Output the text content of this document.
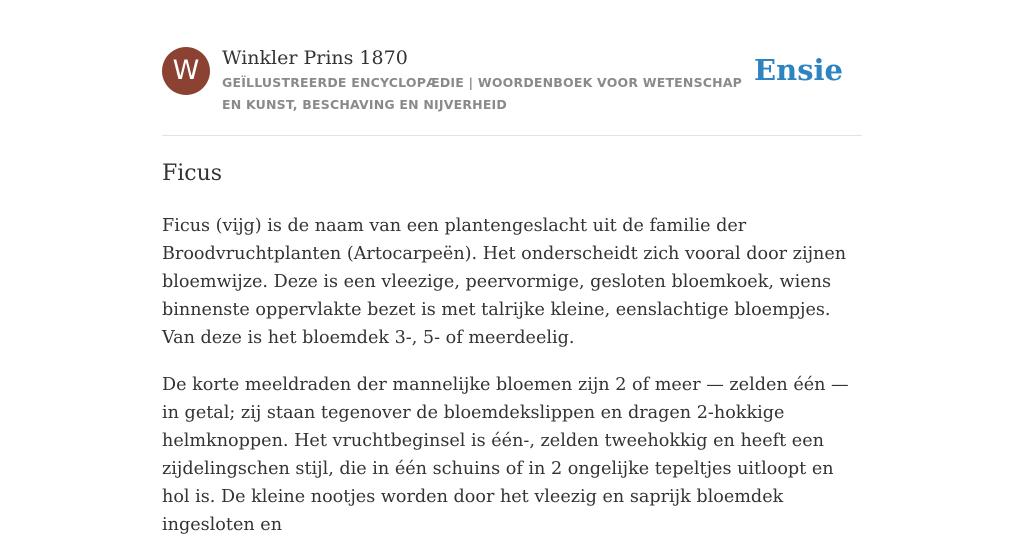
W	Winkler Prins 1870
GEÏLLUSTREERDE ENCYCLOPÆDIE | WOORDENBOEK VOOR WETENSCHAP EN KUNST, BESCHAVING EN NIJVERHEID
Ensie
Ficus

Ficus (vijg) is de naam van een plantengeslacht uit de familie der Broodvruchtplanten (Artocarpeën). Het onderscheidt zich vooral door zijnen bloemwijze. Deze is een vleezige, peervormige, gesloten bloemkoek, wiens binnenste oppervlakte bezet is met talrijke kleine, eenslachtige bloempjes. Van deze is het bloemdek 3-, 5- of meerdeelig.

De korte meeldraden der mannelijke bloemen zijn 2 of meer — zelden één — in getal; zij staan tegenover de bloemdekslippen en dragen 2-hokkige helmknoppen. Het vruchtbeginsel is één-, zelden tweehokkig en heeft een zijdelingschen stijl, die in één schuins of in 2 ongelijke tepeltjes uitloopt en hol is. De kleine nootjes worden door het vleezig en saprijk bloemdek ingesloten en
